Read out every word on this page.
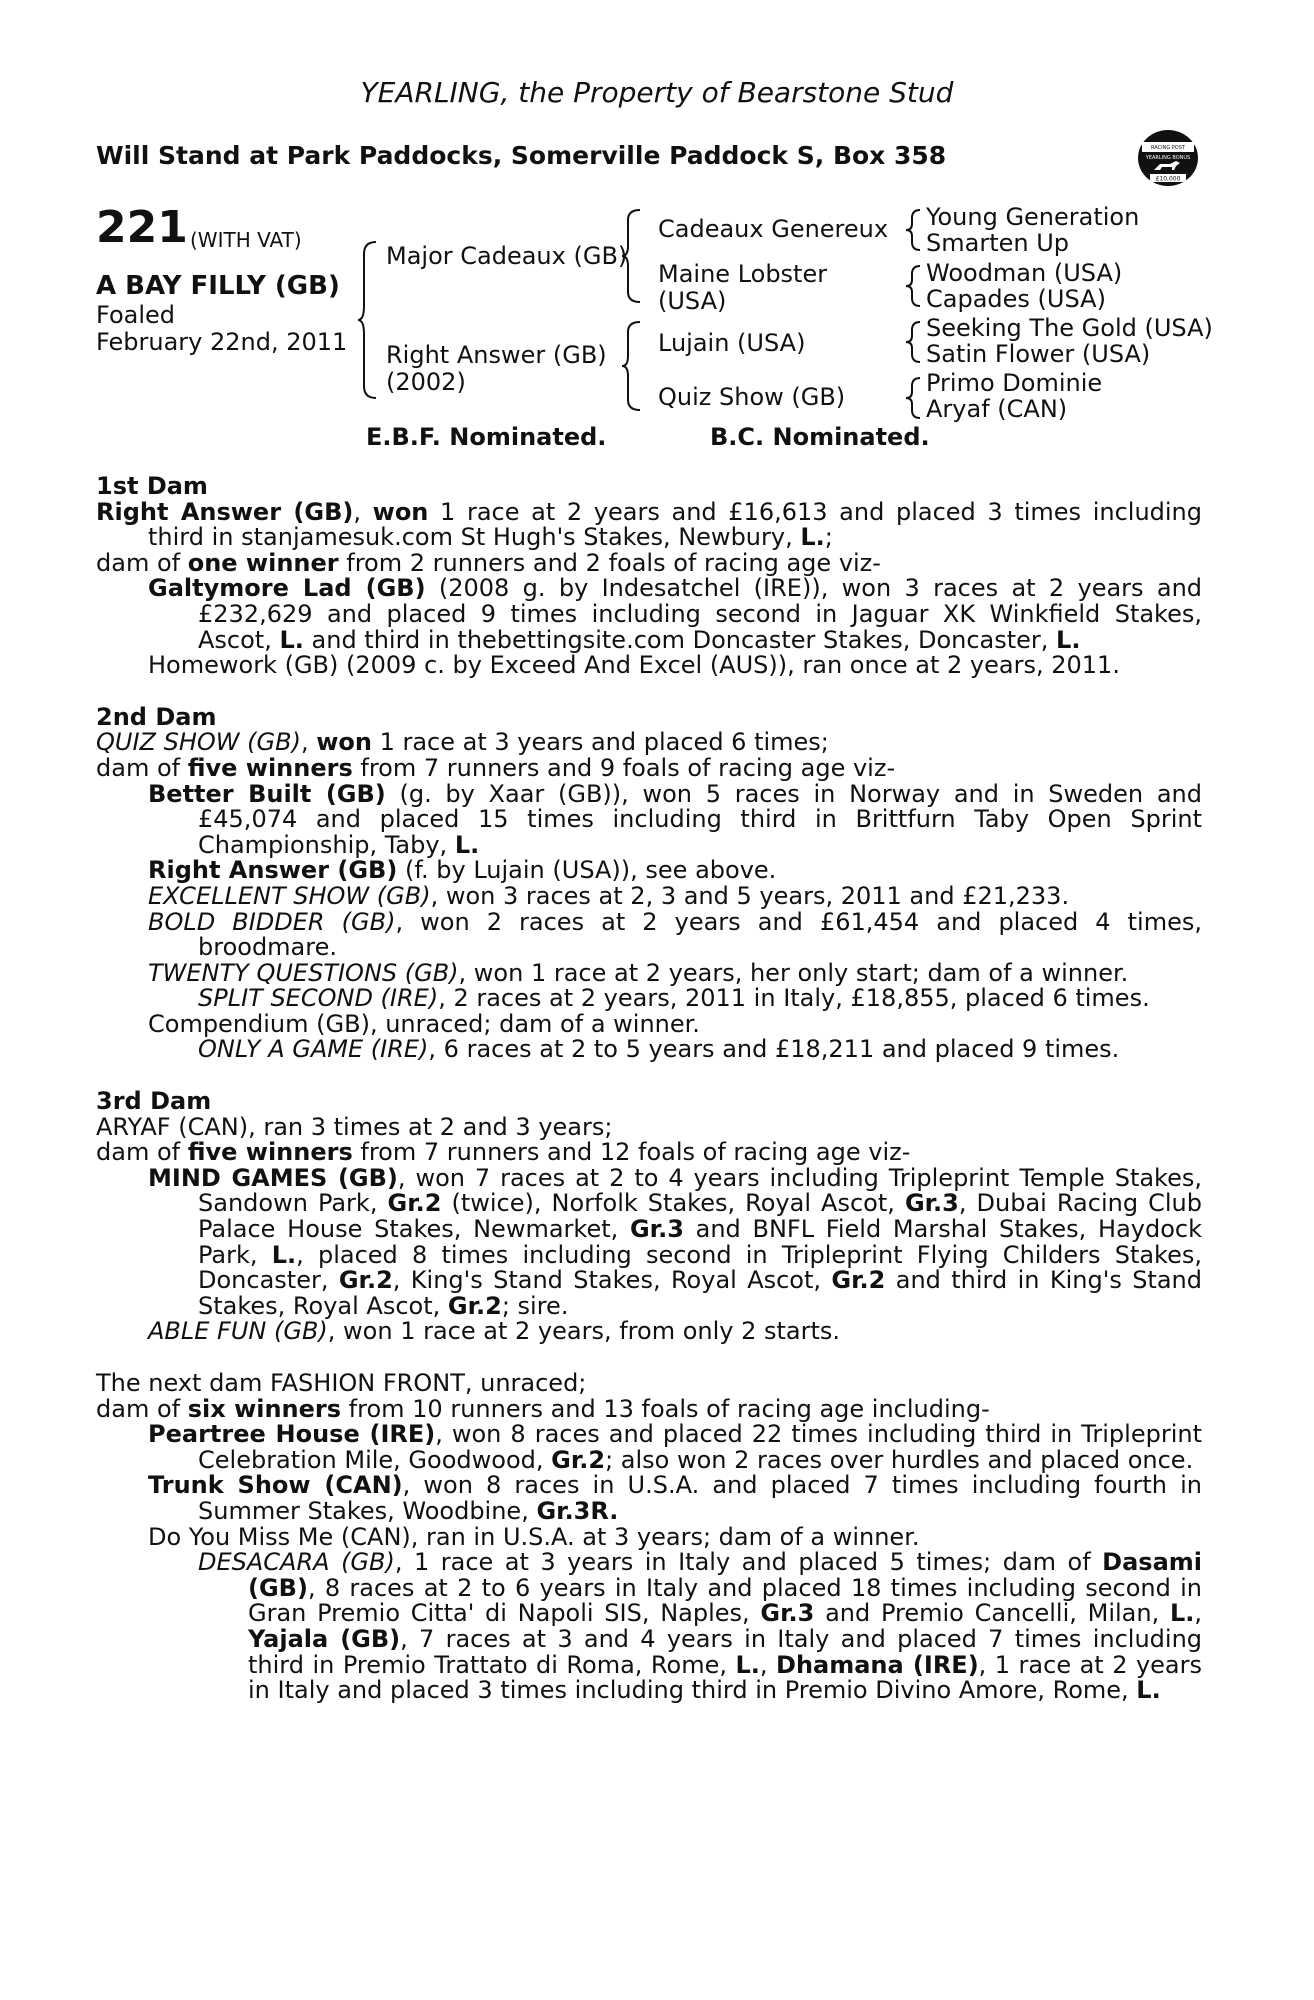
YEARLING, the Property of Bearstone Stud
Will Stand at Park Paddocks, Somerville Paddock S, Box 358	RACING POST
YEARLING BONUS
£10,000
221 (WITH VAT)
A BAY FILLY (GB)
Foaled
February 22nd, 2011
Major Cadeaux (GB)
Right Answer (GB)
(2002)
Cadeaux Genereux
Maine Lobster
(USA)
Lujain (USA)
Quiz Show (GB)
Young Generation
Smarten Up
Woodman (USA)
Capades (USA)
Seeking The Gold (USA)
Satin Flower (USA)
Primo Dominie
Aryaf (CAN)
E.B.F. Nominated.	B.C. Nominated.

1st Dam

Right Answer (GB), won 1 race at 2 years and £16,613 and placed 3 times including third in stanjamesuk.com St Hugh's Stakes, Newbury, L.;

dam of one winner from 2 runners and 2 foals of racing age viz-

Galtymore Lad (GB) (2008 g. by Indesatchel (IRE)), won 3 races at 2 years and £232,629 and placed 9 times including second in Jaguar XK Winkfield Stakes, Ascot, L. and third in thebettingsite.com Doncaster Stakes, Doncaster, L.

Homework (GB) (2009 c. by Exceed And Excel (AUS)), ran once at 2 years, 2011.

2nd Dam

QUIZ SHOW (GB), won 1 race at 3 years and placed 6 times;

dam of five winners from 7 runners and 9 foals of racing age viz-

Better Built (GB) (g. by Xaar (GB)), won 5 races in Norway and in Sweden and £45,074 and placed 15 times including third in Brittfurn Taby Open Sprint Championship, Taby, L.

Right Answer (GB) (f. by Lujain (USA)), see above.

EXCELLENT SHOW (GB), won 3 races at 2, 3 and 5 years, 2011 and £21,233.

BOLD BIDDER (GB), won 2 races at 2 years and £61,454 and placed 4 times, broodmare.

TWENTY QUESTIONS (GB), won 1 race at 2 years, her only start; dam of a winner.

SPLIT SECOND (IRE), 2 races at 2 years, 2011 in Italy, £18,855, placed 6 times.

Compendium (GB), unraced; dam of a winner.

ONLY A GAME (IRE), 6 races at 2 to 5 years and £18,211 and placed 9 times.

3rd Dam

ARYAF (CAN), ran 3 times at 2 and 3 years;

dam of five winners from 7 runners and 12 foals of racing age viz-

MIND GAMES (GB), won 7 races at 2 to 4 years including Tripleprint Temple Stakes, Sandown Park, Gr.2 (twice), Norfolk Stakes, Royal Ascot, Gr.3, Dubai Racing Club Palace House Stakes, Newmarket, Gr.3 and BNFL Field Marshal Stakes, Haydock Park, L., placed 8 times including second in Tripleprint Flying Childers Stakes, Doncaster, Gr.2, King's Stand Stakes, Royal Ascot, Gr.2 and third in King's Stand Stakes, Royal Ascot, Gr.2; sire.

ABLE FUN (GB), won 1 race at 2 years, from only 2 starts.

The next dam FASHION FRONT, unraced;

dam of six winners from 10 runners and 13 foals of racing age including-

Peartree House (IRE), won 8 races and placed 22 times including third in Tripleprint Celebration Mile, Goodwood, Gr.2; also won 2 races over hurdles and placed once.

Trunk Show (CAN), won 8 races in U.S.A. and placed 7 times including fourth in Summer Stakes, Woodbine, Gr.3R.

Do You Miss Me (CAN), ran in U.S.A. at 3 years; dam of a winner.

DESACARA (GB), 1 race at 3 years in Italy and placed 5 times; dam of Dasami (GB), 8 races at 2 to 6 years in Italy and placed 18 times including second in Gran Premio Citta' di Napoli SIS, Naples, Gr.3 and Premio Cancelli, Milan, L., Yajala (GB), 7 races at 3 and 4 years in Italy and placed 7 times including third in Premio Trattato di Roma, Rome, L., Dhamana (IRE), 1 race at 2 years in Italy and placed 3 times including third in Premio Divino Amore, Rome, L.
